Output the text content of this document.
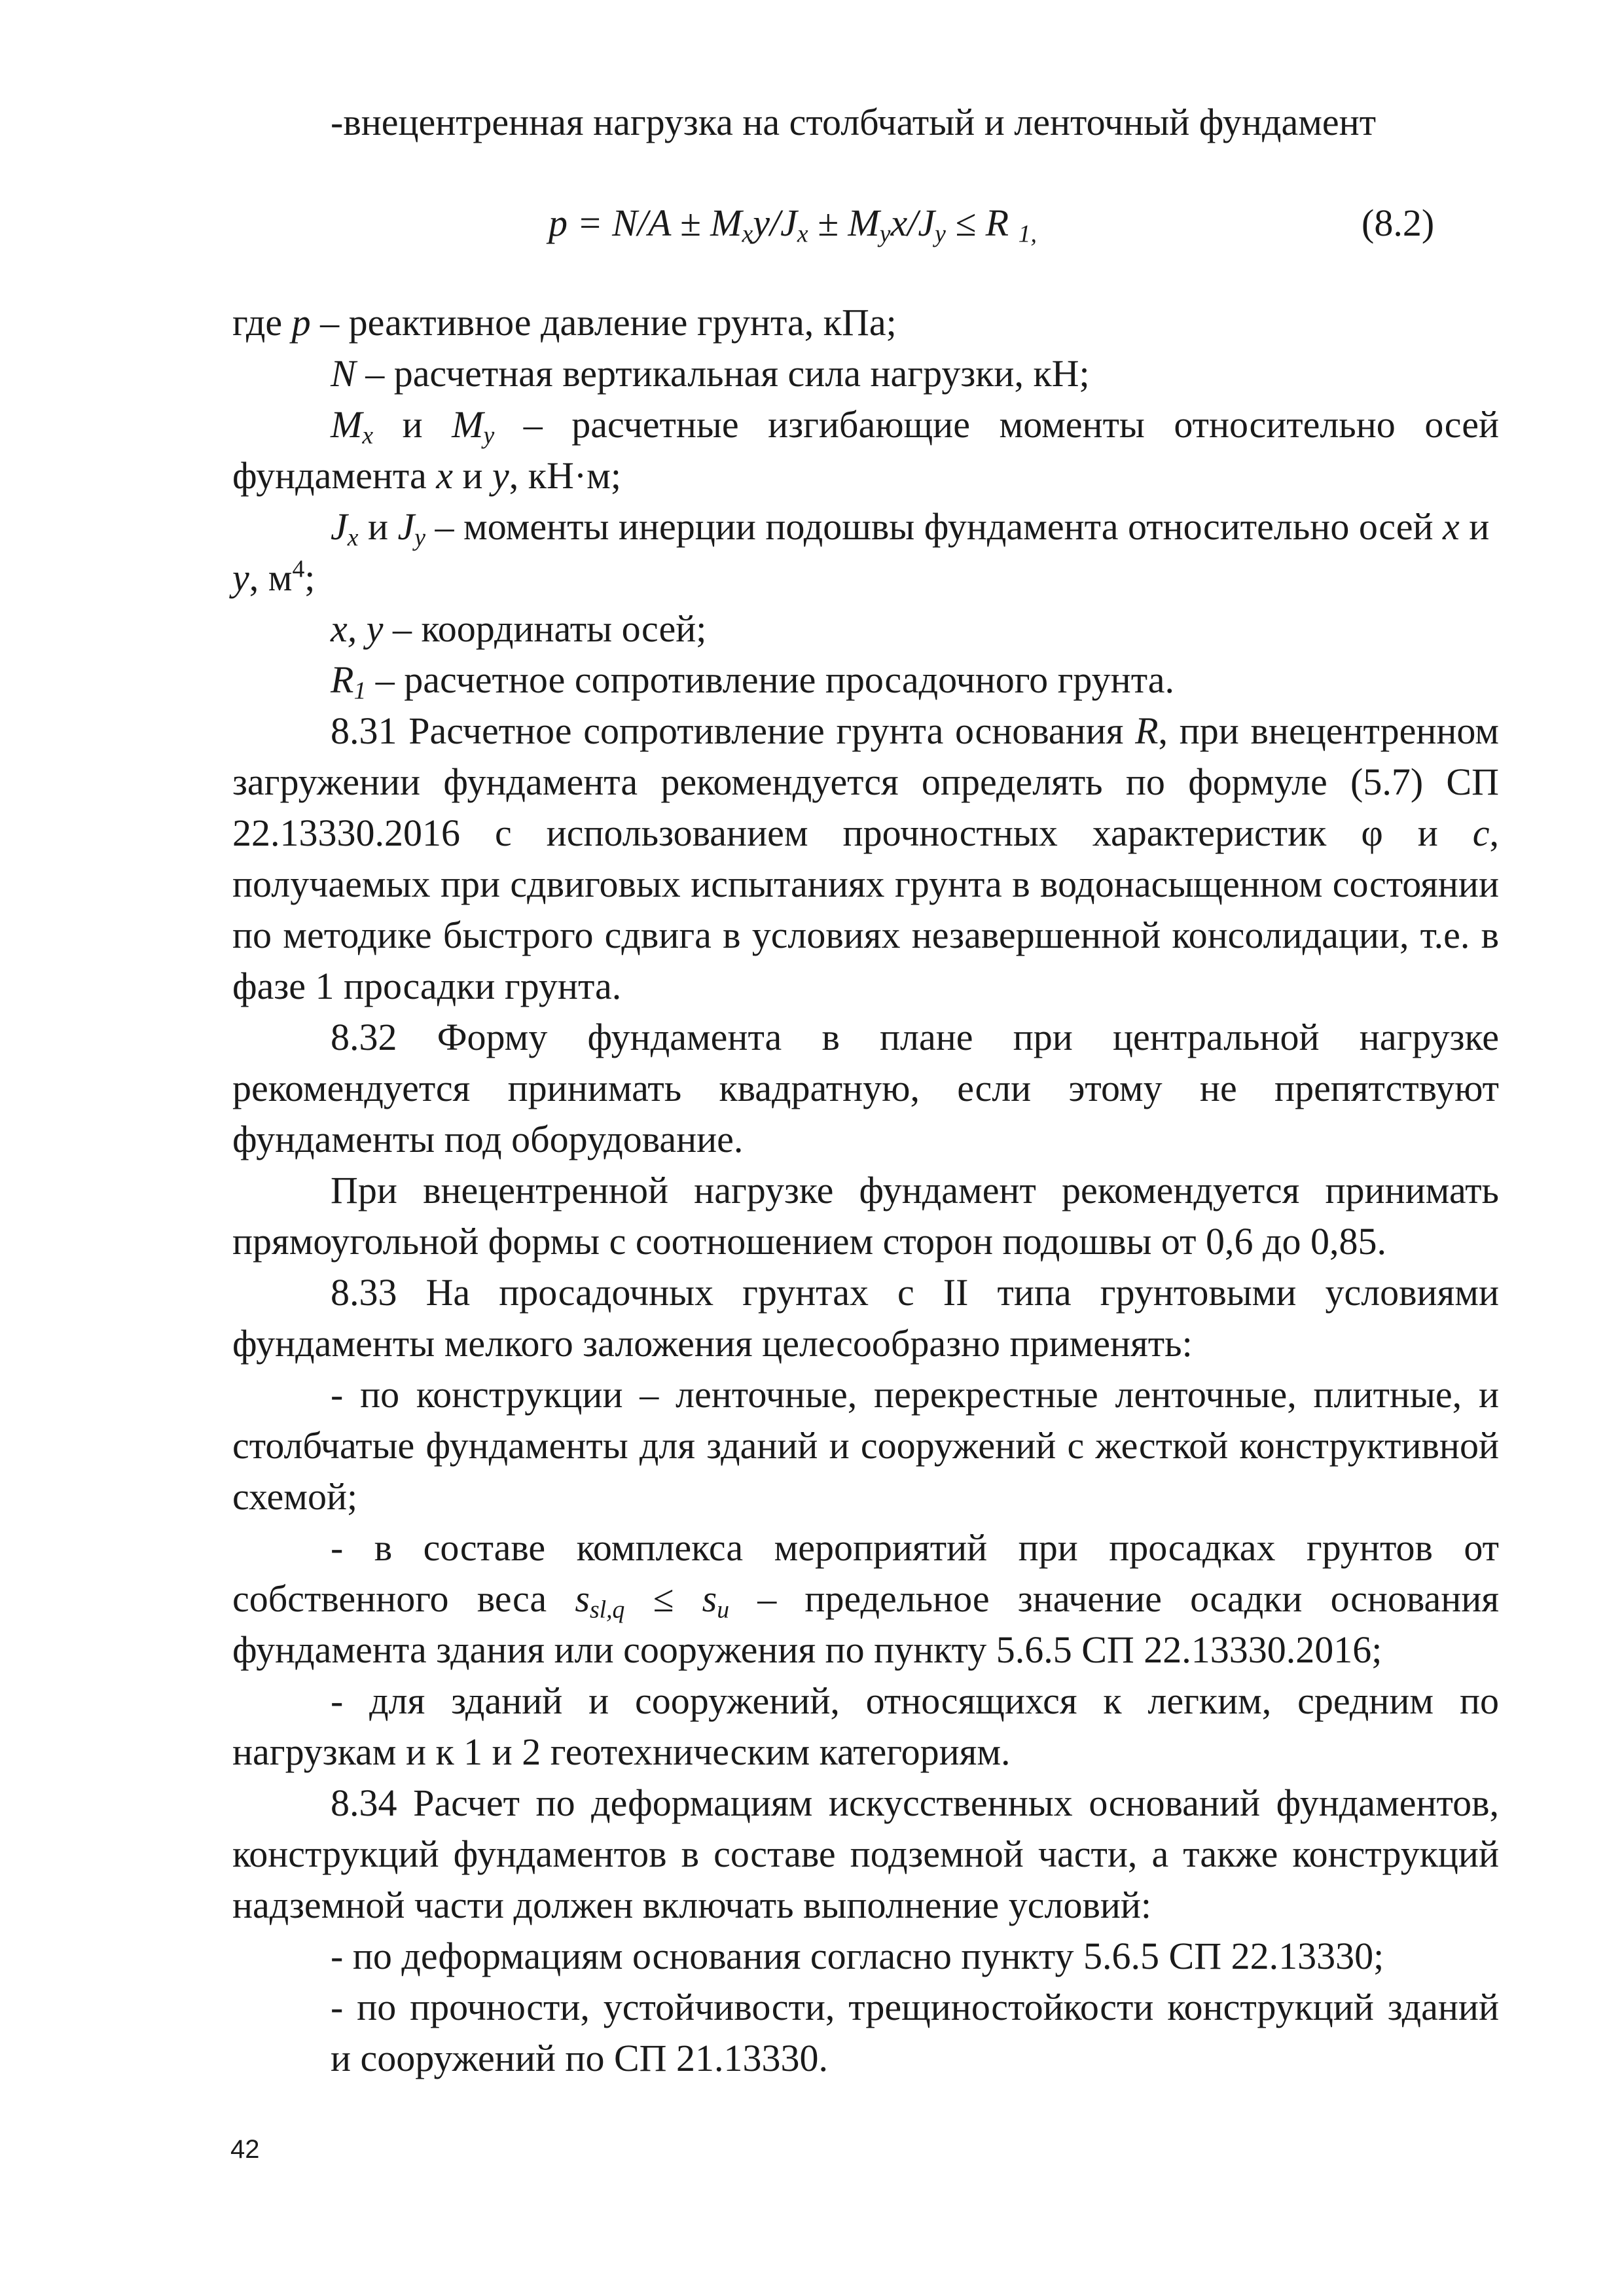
-внецентренная нагрузка на столбчатый и ленточный фундамент
$p = N/A \pm M_xy/J_x \pm M_yx/J_y \le R$ $_{1,}$	(8.2)
где p – реактивное давление грунта, кПа;
N – расчетная вертикальная сила нагрузки, кН;
$M_x$ и $M_y$ – расчетные изгибающие моменты относительно осей
фундамента x и y, кН·м;
$J_x$ и $J_y$ – моменты инерции подошвы фундамента относительно осей x и
y, $м^4$;
x, y – координаты осей;
$R_1$ – расчетное сопротивление просадочного грунта.
8.31 Расчетное сопротивление грунта основания R, при внецентренном
загружении фундамента рекомендуется определять по формуле (5.7) СП
22.13330.2016 с использованием прочностных характеристик φ и c,
получаемых при сдвиговых испытаниях грунта в водонасыщенном состоянии
по методике быстрого сдвига в условиях незавершенной консолидации, т.е. в
фазе 1 просадки грунта.
8.32 Форму фундамента в плане при центральной нагрузке
рекомендуется принимать квадратную, если этому не препятствуют
фундаменты под оборудование.
При внецентренной нагрузке фундамент рекомендуется принимать
прямоугольной формы с соотношением сторон подошвы от 0,6 до 0,85.
8.33 На просадочных грунтах с II типа грунтовыми условиями
фундаменты мелкого заложения целесообразно применять:
- по конструкции – ленточные, перекрестные ленточные, плитные, и
столбчатые фундаменты для зданий и сооружений с жесткой конструктивной
схемой;
- в составе комплекса мероприятий при просадках грунтов от
собственного веса $s_{sl,q} \le s_u$ – предельное значение осадки основания
фундамента здания или сооружения по пункту 5.6.5 СП 22.13330.2016;
- для зданий и сооружений, относящихся к легким, средним по
нагрузкам и к 1 и 2 геотехническим категориям.
8.34 Расчет по деформациям искусственных оснований фундаментов,
конструкций фундаментов в составе подземной части, а также конструкций
надземной части должен включать выполнение условий:
- по деформациям основания согласно пункту 5.6.5 СП 22.13330;
- по прочности, устойчивости, трещиностойкости конструкций зданий
и сооружений по СП 21.13330.
42
